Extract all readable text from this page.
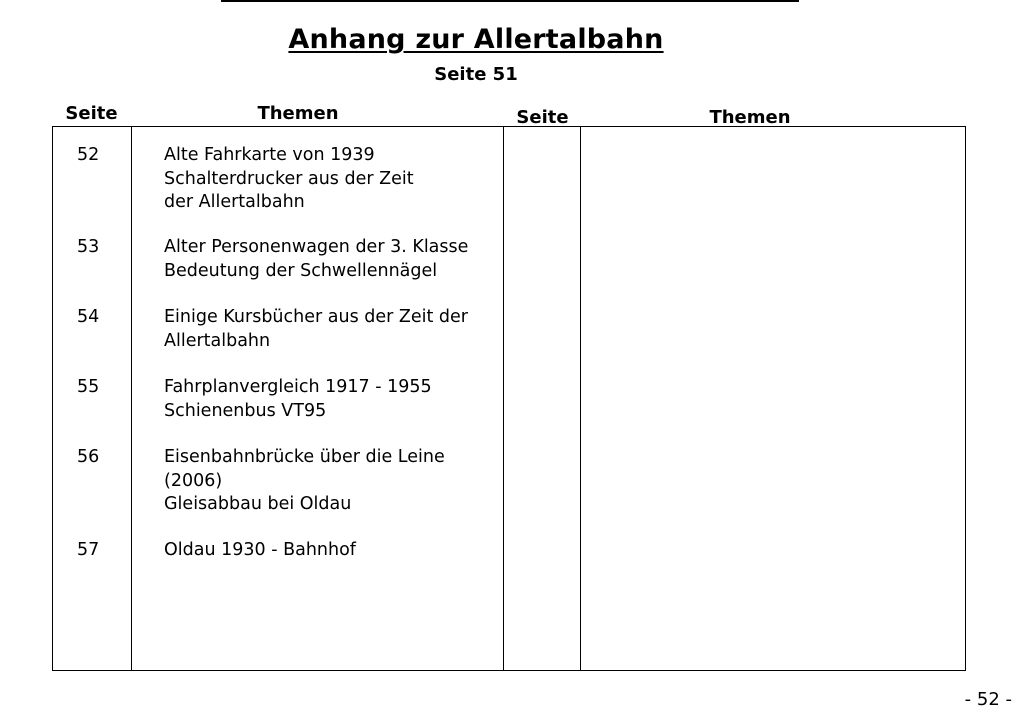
Anhang zur Allertalbahn
Seite 51
Seite	Themen	Seite	Themen
52	Alte Fahrkarte von 1939
Schalterdrucker aus der Zeit
der Allertalbahn
53	Alter Personenwagen der 3. Klasse
Bedeutung der Schwellennägel
54	Einige Kursbücher aus der Zeit der
Allertalbahn
55	Fahrplanvergleich 1917 - 1955
Schienenbus VT95
56	Eisenbahnbrücke über die Leine
(2006)
Gleisabbau bei Oldau
57	Oldau 1930 - Bahnhof
- 52 -
